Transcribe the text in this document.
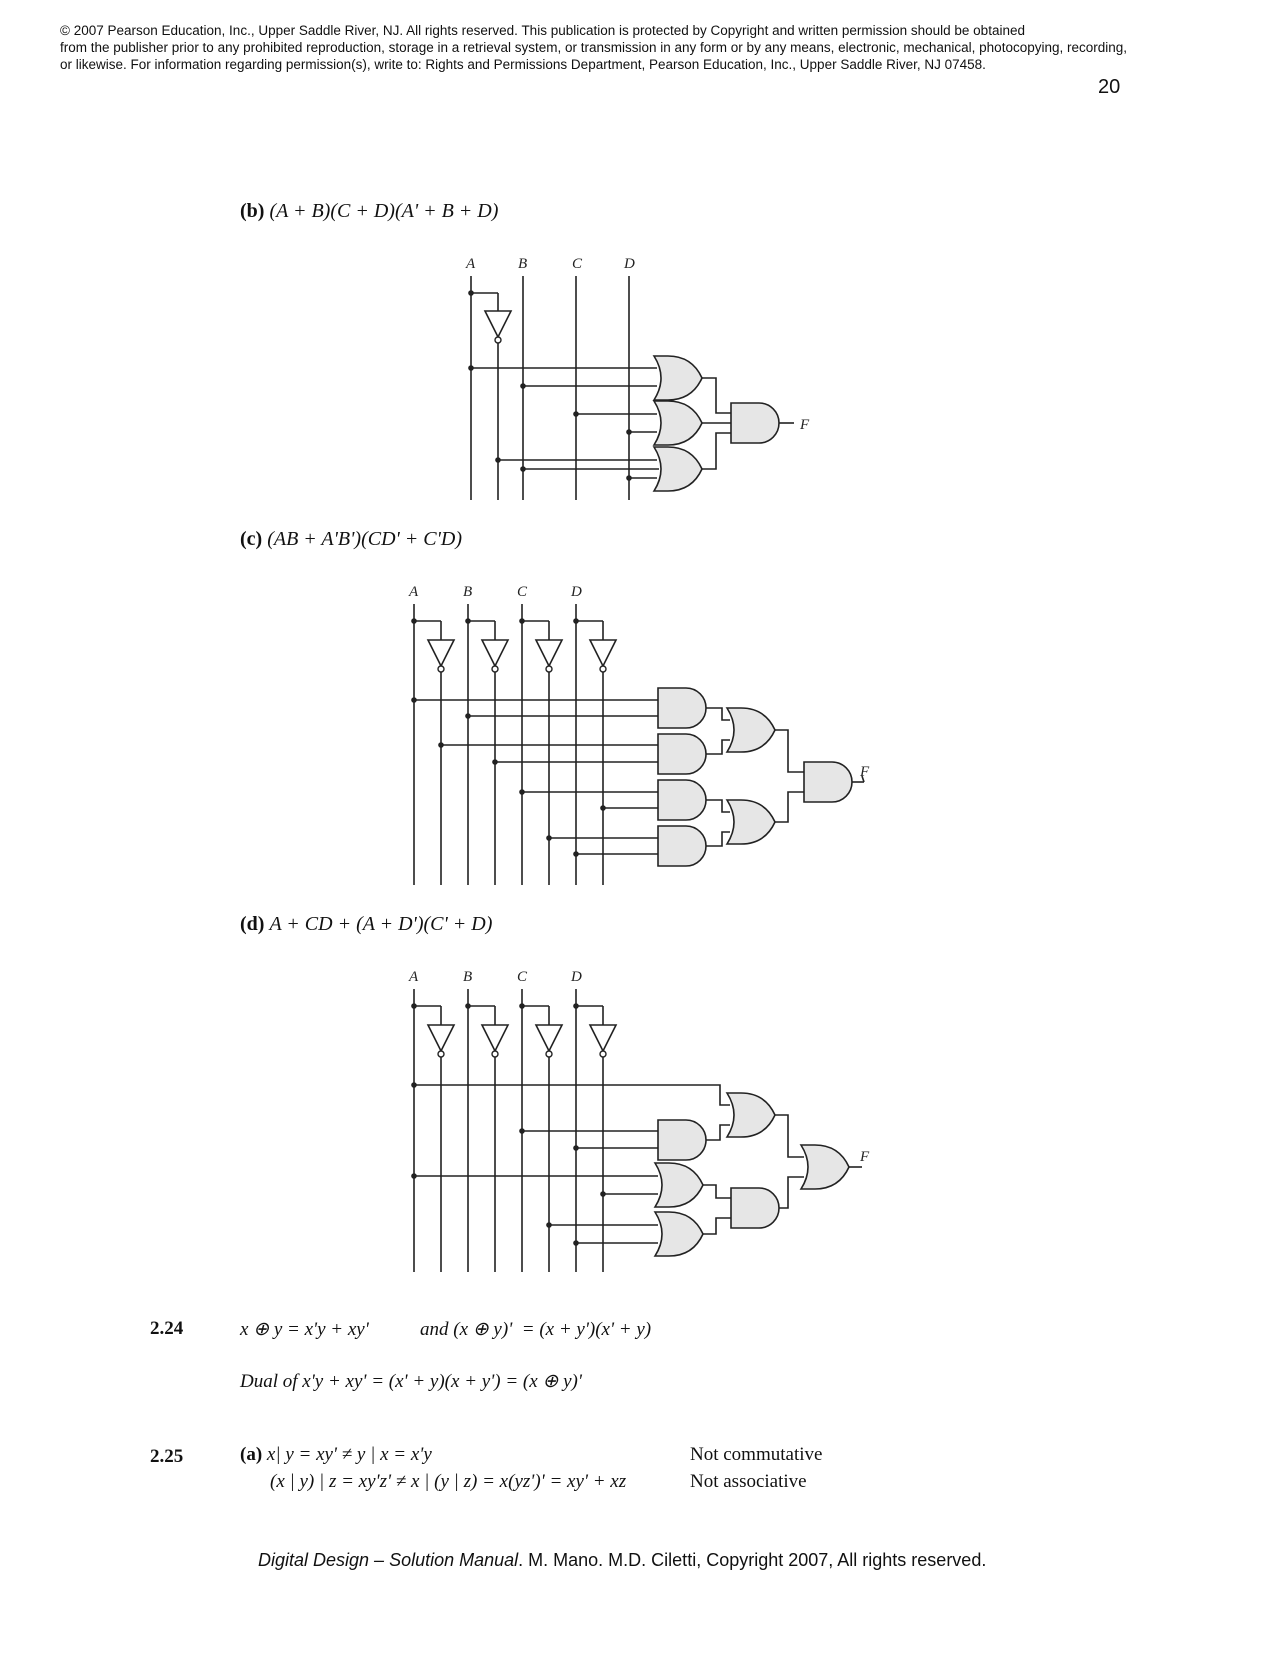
© 2007 Pearson Education, Inc., Upper Saddle River, NJ. All rights reserved. This publication is protected by Copyright and written permission should be obtained
from the publisher prior to any prohibited reproduction, storage in a retrieval system, or transmission in any form or by any means, electronic, mechanical, photocopying, recording,
or likewise. For information regarding permission(s), write to: Rights and Permissions Department, Pearson Education, Inc., Upper Saddle River, NJ 07458.
20
(b) (A + B)(C + D)(A' + B + D)
(c) (AB + A'B')(CD' + C'D)
(d) A + CD + (A + D')(C' + D)
A	B	C	D
F
A	B	C	D
F
A	B	C	D
F
2.24	x ⊕ y = x'y + xy'	and (x ⊕ y)'  = (x + y')(x' + y)
Dual of x'y + xy' = (x' + y)(x + y') = (x ⊕ y)'
2.25	(a) x| y = xy' ≠ y | x = x'y	Not commutative
(x | y) | z = xy'z' ≠ x | (y | z) = x(yz')' = xy' + xz	Not associative
Digital Design – Solution Manual. M. Mano. M.D. Ciletti, Copyright 2007, All rights reserved.
